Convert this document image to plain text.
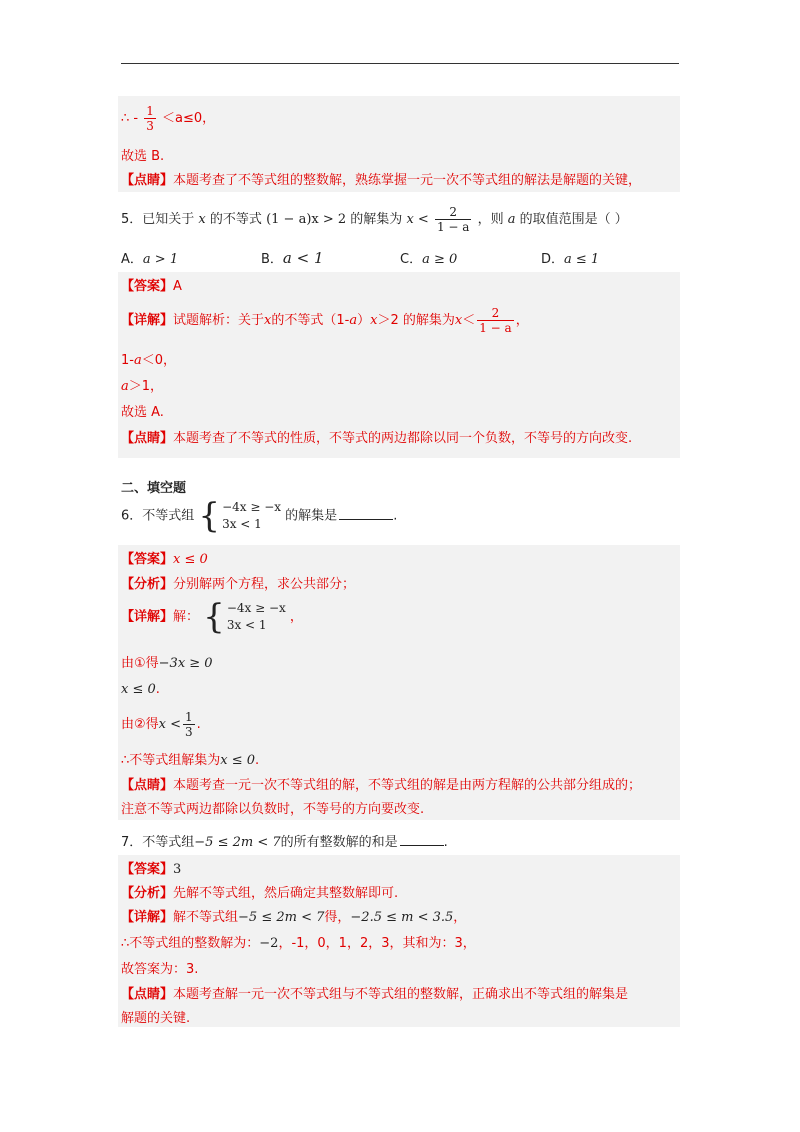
∴ - $\frac{1}{3} <a\le 0$，
故选 B.
【点睛】本题考查了不等式组的整数解，熟练掌握一元一次不等式组的解法是解题的关键，
5．已知关于 x 的不等式 (1 − a)x > 2 的解集为 $x < \frac{2}{1 - a}$ ，则 a 的取值范围是（ ）
A．a > 1	B．a < 1	C．a ≥ 0	D．a ≤ 1
【答案】A
【详解】试题解析：关于x的不等式（1-a）x＞2 的解集为$x< \frac{2}{1 - a}$ ，
1-a＜0，
a＞1，
故选 A.
【点睛】本题考查了不等式的性质，不等式的两边都除以同一个负数，不等号的方向改变.
二、填空题
6．不等式组 { −4x ≥ −x
3x < 1
的解集是	.
【答案】x ≤ 0
【分析】分别解两个方程，求公共部分；
【详解】解： { −4x ≥ −x
3x < 1
，
由①得−3x ≥ 0
x ≤ 0.
由②得$x < \frac{1}{3}$ .
∴不等式组解集为x ≤ 0.
【点睛】本题考查一元一次不等式组的解，不等式组的解是由两方程解的公共部分组成的；
注意不等式两边都除以负数时，不等号的方向要改变.
7．不等式组−5 ≤ 2m < 7的所有整数解的和是	.
【答案】3
【分析】先解不等式组，然后确定其整数解即可.
【详解】解不等式组−5 ≤ 2m < 7得，−2.5 ≤ m < 3.5，
∴不等式组的整数解为：−2，-1，0，1，2，3，其和为：3，
故答案为：3.
【点睛】本题考查解一元一次不等式组与不等式组的整数解，正确求出不等式组的解集是
解题的关键.
